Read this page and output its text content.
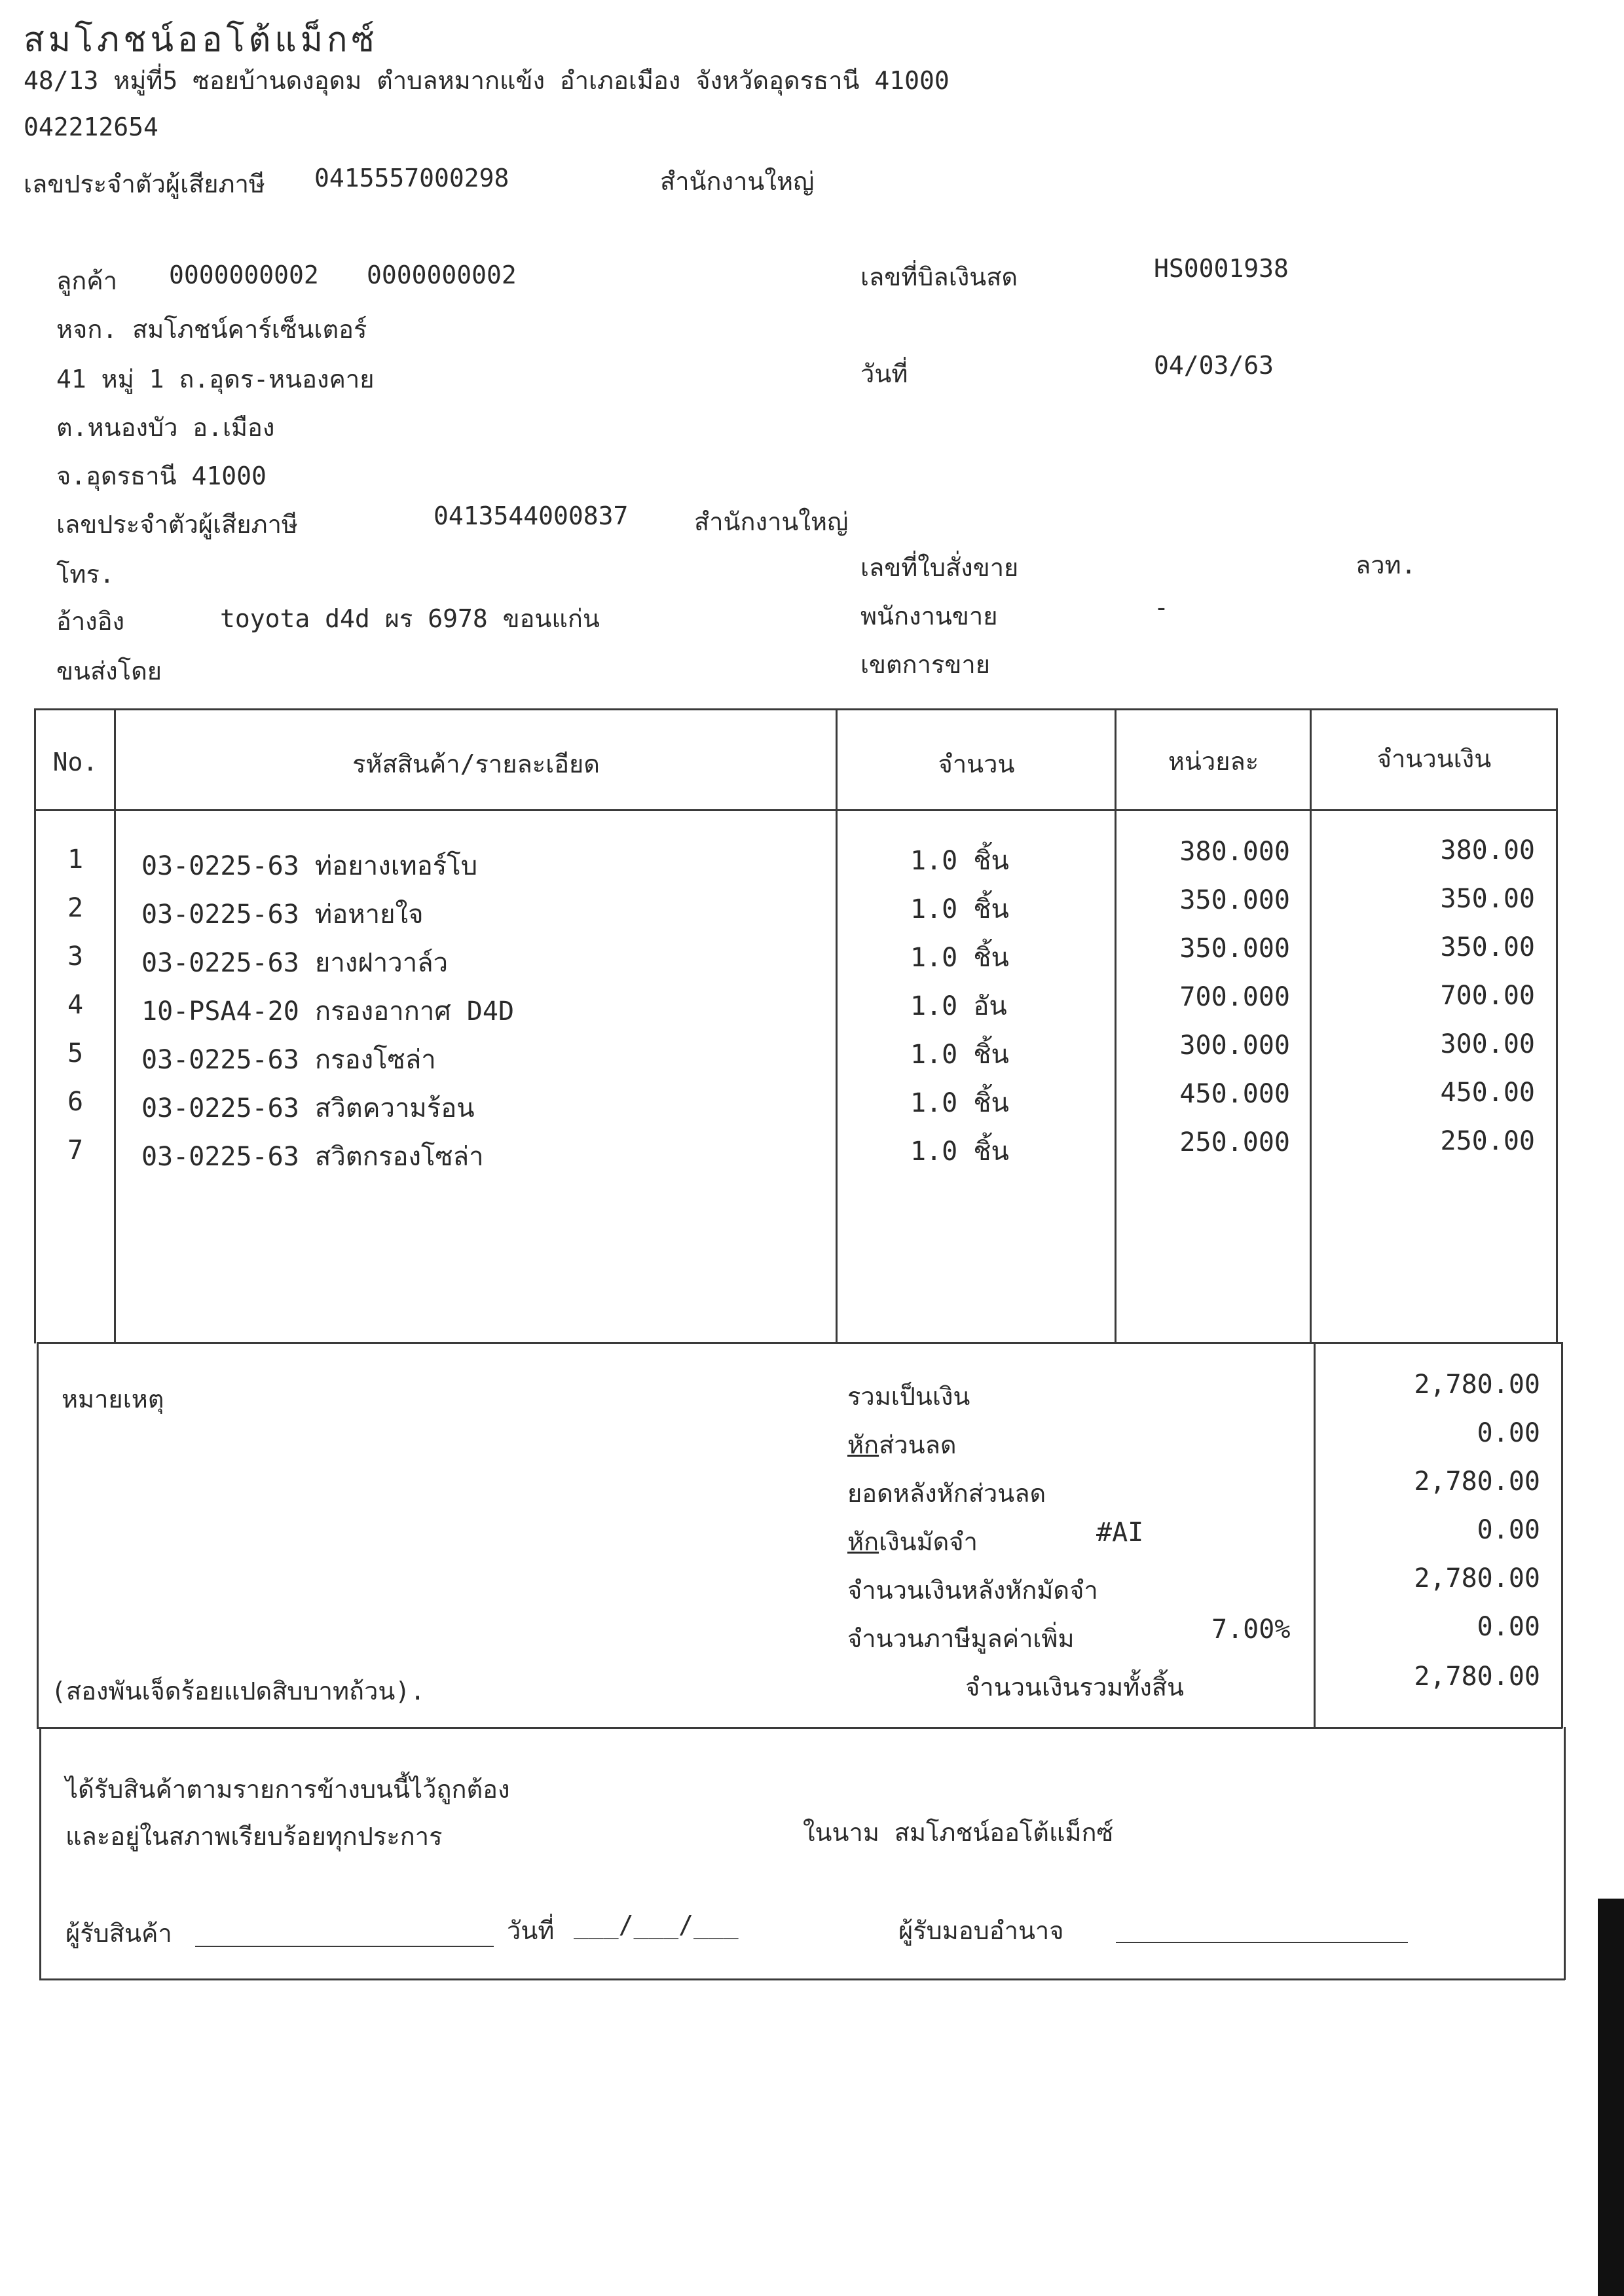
สมโภชน์ออโต้แม็กซ์
48/13 หมู่ที่5 ซอยบ้านดงอุดม ตำบลหมากแข้ง อำเภอเมือง จังหวัดอุดรธานี 41000
042212654
เลขประจำตัวผู้เสียภาษี 0415557000298	สำนักงานใหญ่
ลูกค้า 0000000002 0000000002
หจก. สมโภชน์คาร์เซ็นเตอร์
41 หมู่ 1 ถ.อุดร-หนองคาย
ต.หนองบัว อ.เมือง
จ.อุดรธานี 41000
เลขประจำตัวผู้เสียภาษี	0413544000837	สำนักงานใหญ่
โทร.
อ้างอิง	toyota d4d ผร 6978 ขอนแก่น
ขนส่งโดย
เลขที่บิลเงินสด	HS0001938
วันที่	04/03/63
เลขที่ใบสั่งขาย	ลวท.
พนักงานขาย	-
เขตการขาย
No.	รหัสสินค้า/รายละเอียด	จำนวน	หน่วยละ	จำนวนเงิน
1	03-0225-63 ท่อยางเทอร์โบ	1.0 ชิ้น	380.000	380.00
2	03-0225-63 ท่อหายใจ	1.0 ชิ้น	350.000	350.00
3	03-0225-63 ยางฝาวาล์ว	1.0 ชิ้น	350.000	350.00
4	10-PSA4-20 กรองอากาศ D4D	1.0 อัน	700.000	700.00
5	03-0225-63 กรองโซล่า	1.0 ชิ้น	300.000	300.00
6	03-0225-63 สวิตความร้อน	1.0 ชิ้น	450.000	450.00
7	03-0225-63 สวิตกรองโซล่า	1.0 ชิ้น	250.000	250.00
หมายเหตุ	รวมเป็นเงิน	2,780.00
หักส่วนลด	0.00
ยอดหลังหักส่วนลด	2,780.00
หักเงินมัดจำ	#AI	0.00
จำนวนเงินหลังหักมัดจำ	2,780.00
จำนวนภาษีมูลค่าเพิ่ม	7.00%	0.00
(สองพันเจ็ดร้อยแปดสิบบาทถ้วน).	จำนวนเงินรวมทั้งสิ้น	2,780.00
ได้รับสินค้าตามรายการข้างบนนี้ไว้ถูกต้อง
และอยู่ในสภาพเรียบร้อยทุกประการ	ในนาม สมโภชน์ออโต้แม็กซ์
ผู้รับสินค้า	วันที่ ___/___/___	ผู้รับมอบอำนาจ
